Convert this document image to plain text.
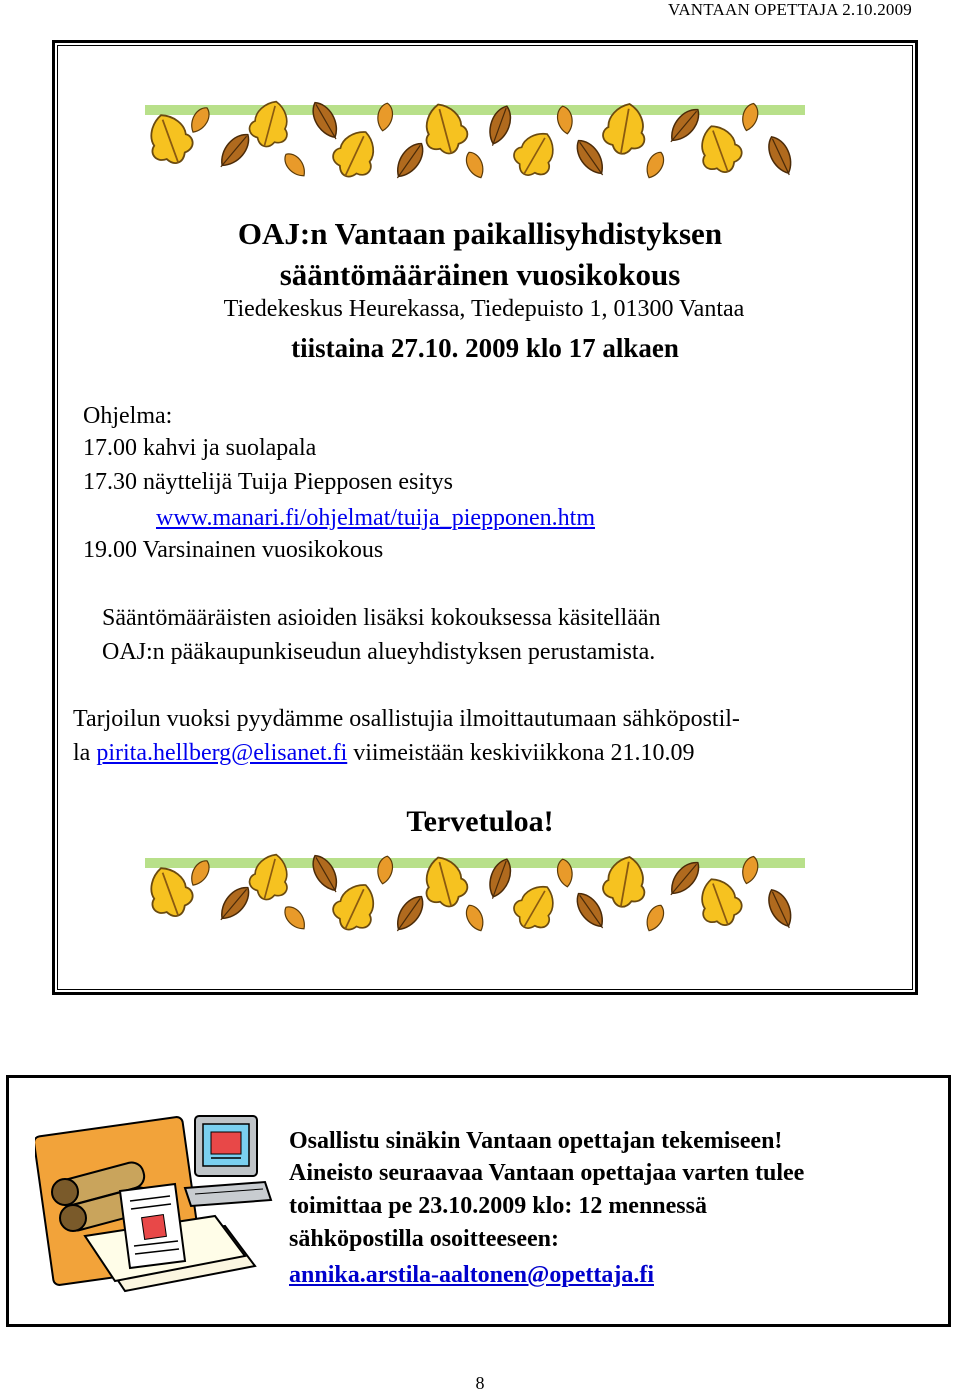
VANTAAN OPETTAJA 2.10.2009
OAJ:n Vantaan paikallisyhdistyksen
sääntömääräinen vuosikokous
Tiedekeskus Heurekassa, Tiedepuisto 1, 01300 Vantaa
tiistaina 27.10. 2009 klo 17 alkaen
Ohjelma:
17.00 kahvi ja suolapala
17.30 näyttelijä Tuija Piepposen esitys
www.manari.fi/ohjelmat/tuija_piepponen.htm
19.00 Varsinainen vuosikokous
Sääntömääräisten asioiden lisäksi kokouksessa käsitellään
OAJ:n pääkaupunkiseudun alueyhdistyksen perustamista.
Tarjoilun vuoksi pyydämme osallistujia ilmoittautumaan sähköpostil-
la pirita.hellberg@elisanet.fi viimeistään keskiviikkona 21.10.09
Tervetuloa!
Osallistu sinäkin Vantaan opettajan tekemiseen!
Aineisto seuraavaa Vantaan opettajaa varten tulee
toimittaa pe 23.10.2009 klo: 12 mennessä
sähköpostilla osoitteeseen:
annika.arstila-aaltonen@opettaja.fi
8
